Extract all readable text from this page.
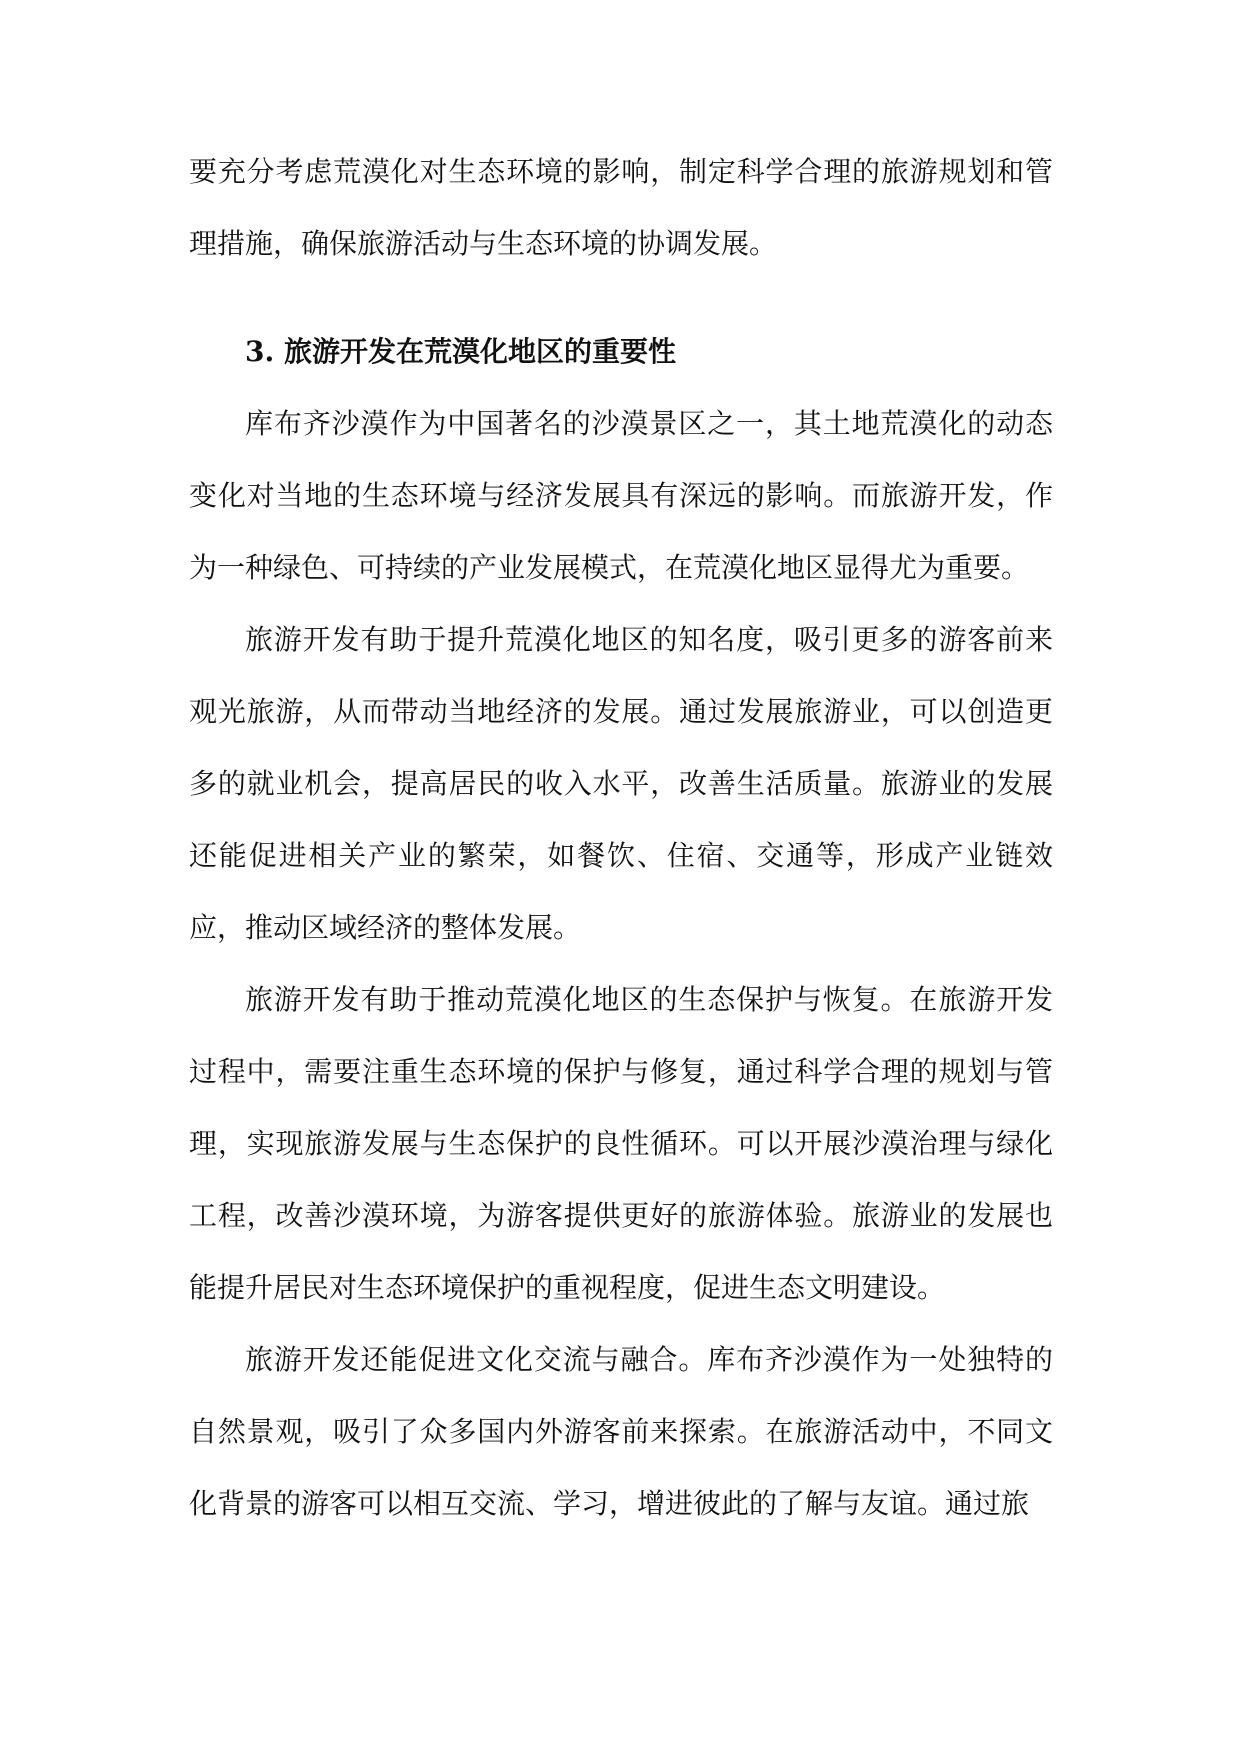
要充分考虑荒漠化对生态环境的影响，制定科学合理的旅游规划和管理措施，确保旅游活动与生态环境的协调发展。

3. 旅游开发在荒漠化地区的重要性

库布齐沙漠作为中国著名的沙漠景区之一，其土地荒漠化的动态变化对当地的生态环境与经济发展具有深远的影响。而旅游开发，作为一种绿色、可持续的产业发展模式，在荒漠化地区显得尤为重要。

旅游开发有助于提升荒漠化地区的知名度，吸引更多的游客前来观光旅游，从而带动当地经济的发展。通过发展旅游业，可以创造更多的就业机会，提高居民的收入水平，改善生活质量。旅游业的发展还能促进相关产业的繁荣，如餐饮、住宿、交通等，形成产业链效应，推动区域经济的整体发展。

旅游开发有助于推动荒漠化地区的生态保护与恢复。在旅游开发过程中，需要注重生态环境的保护与修复，通过科学合理的规划与管理，实现旅游发展与生态保护的良性循环。可以开展沙漠治理与绿化工程，改善沙漠环境，为游客提供更好的旅游体验。旅游业的发展也能提升居民对生态环境保护的重视程度，促进生态文明建设。

旅游开发还能促进文化交流与融合。库布齐沙漠作为一处独特的自然景观，吸引了众多国内外游客前来探索。在旅游活动中，不同文化背景的游客可以相互交流、学习，增进彼此的了解与友谊。通过旅
